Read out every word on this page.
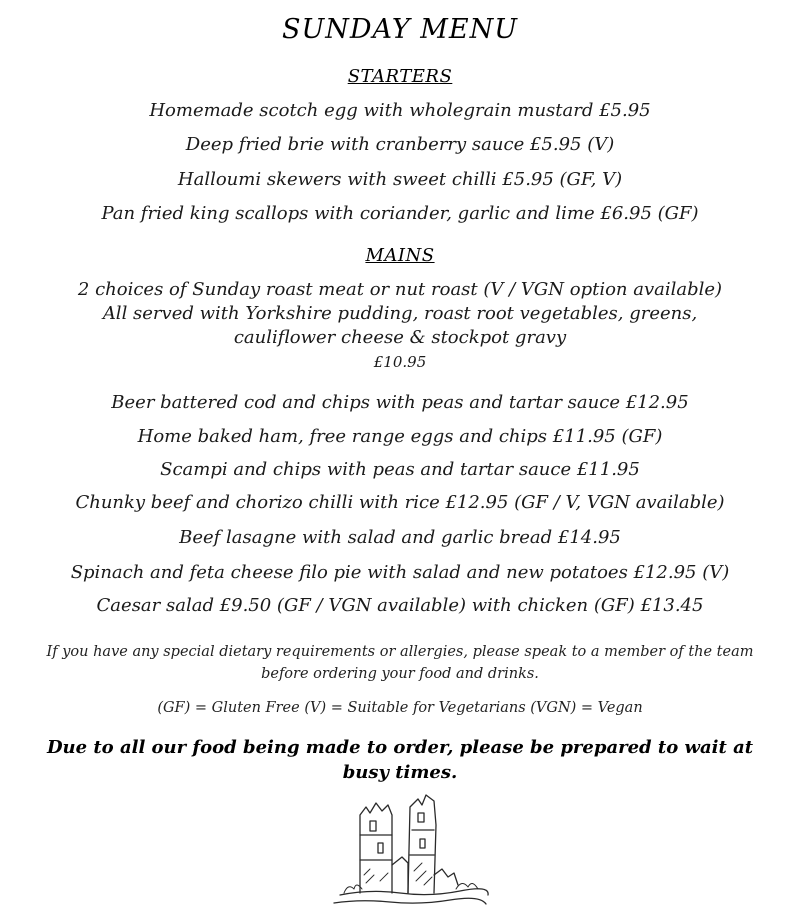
SUNDAY MENU
STARTERS
Homemade scotch egg with wholegrain mustard £5.95
Deep fried brie with cranberry sauce £5.95 (V)
Halloumi skewers with sweet chilli £5.95 (GF, V)
Pan fried king scallops with coriander, garlic and lime £6.95 (GF)
MAINS
2 choices of Sunday roast meat or nut roast (V / VGN option available)
All served with Yorkshire pudding, roast root vegetables, greens,
cauliflower cheese & stockpot gravy
£10.95
Beer battered cod and chips with peas and tartar sauce £12.95
Home baked ham, free range eggs and chips £11.95 (GF)
Scampi and chips with peas and tartar sauce £11.95
Chunky beef and chorizo chilli with rice £12.95 (GF / V, VGN available)
Beef lasagne with salad and garlic bread £14.95
Spinach and feta cheese filo pie with salad and new potatoes £12.95 (V)
Caesar salad £9.50 (GF / VGN available) with chicken (GF) £13.45
If you have any special dietary requirements or allergies, please speak to a member of the team before ordering your food and drinks.
(GF) = Gluten Free (V) = Suitable for Vegetarians (VGN) = Vegan
Due to all our food being made to order, please be prepared to wait at busy times.
